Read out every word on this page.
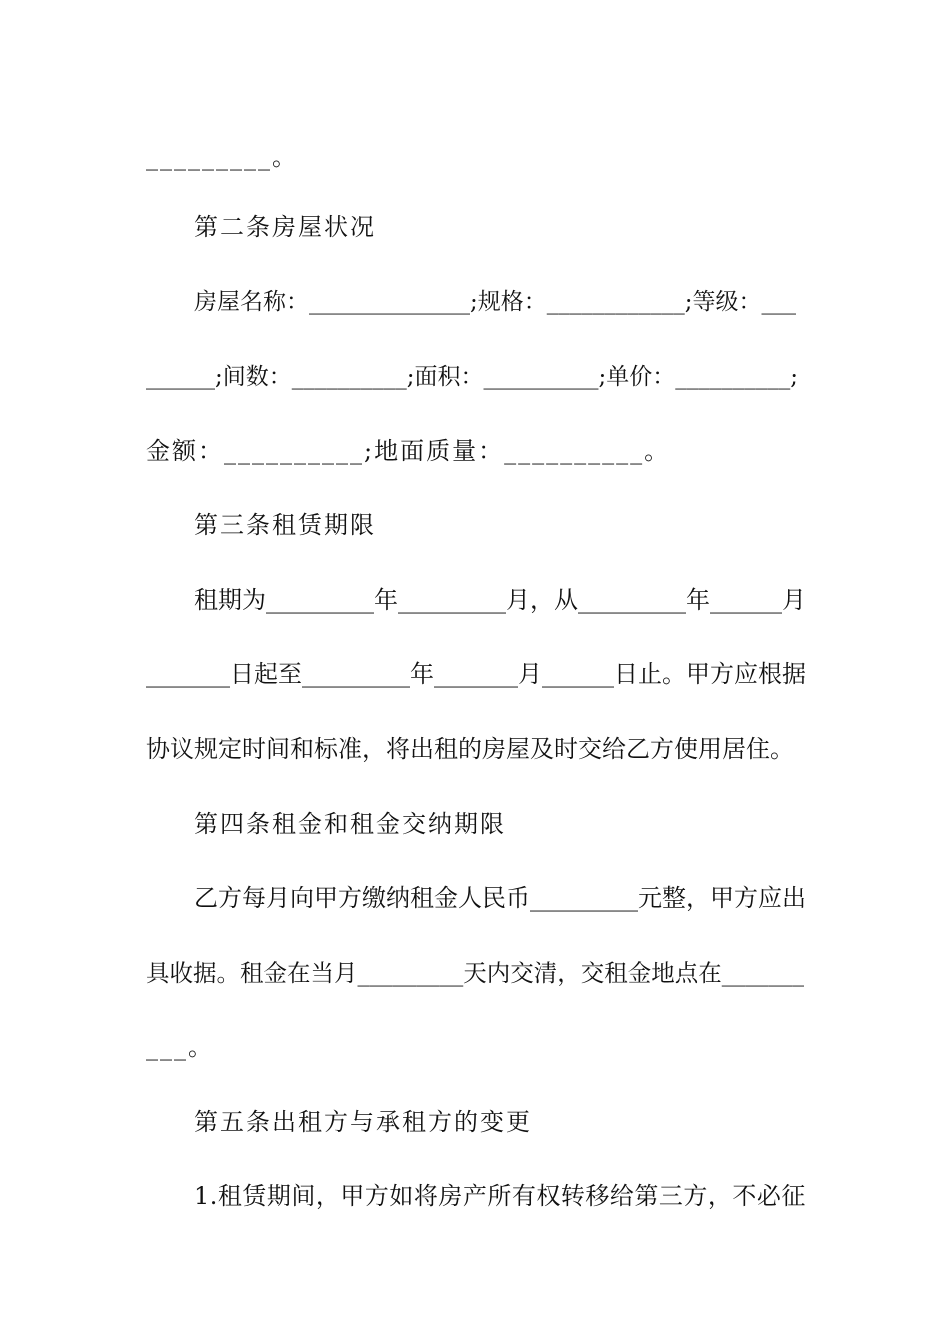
_________。
第二条房屋状况
房屋名称：______________;规格：____________;等级：___
______;间数：__________;面积：__________;单价：__________;
金额：__________;地面质量：__________。
第三条租赁期限
租期为_________年_________月，从_________年______月
_______日起至_________年_______月______日止。甲方应根据
协议规定时间和标准，将出租的房屋及时交给乙方使用居住。
第四条租金和租金交纳期限
乙方每月向甲方缴纳租金人民币_________元整，甲方应出
具收据。租金在当月_________天内交清，交租金地点在_______
___。
第五条出租方与承租方的变更
1.租赁期间，甲方如将房产所有权转移给第三方，不必征
